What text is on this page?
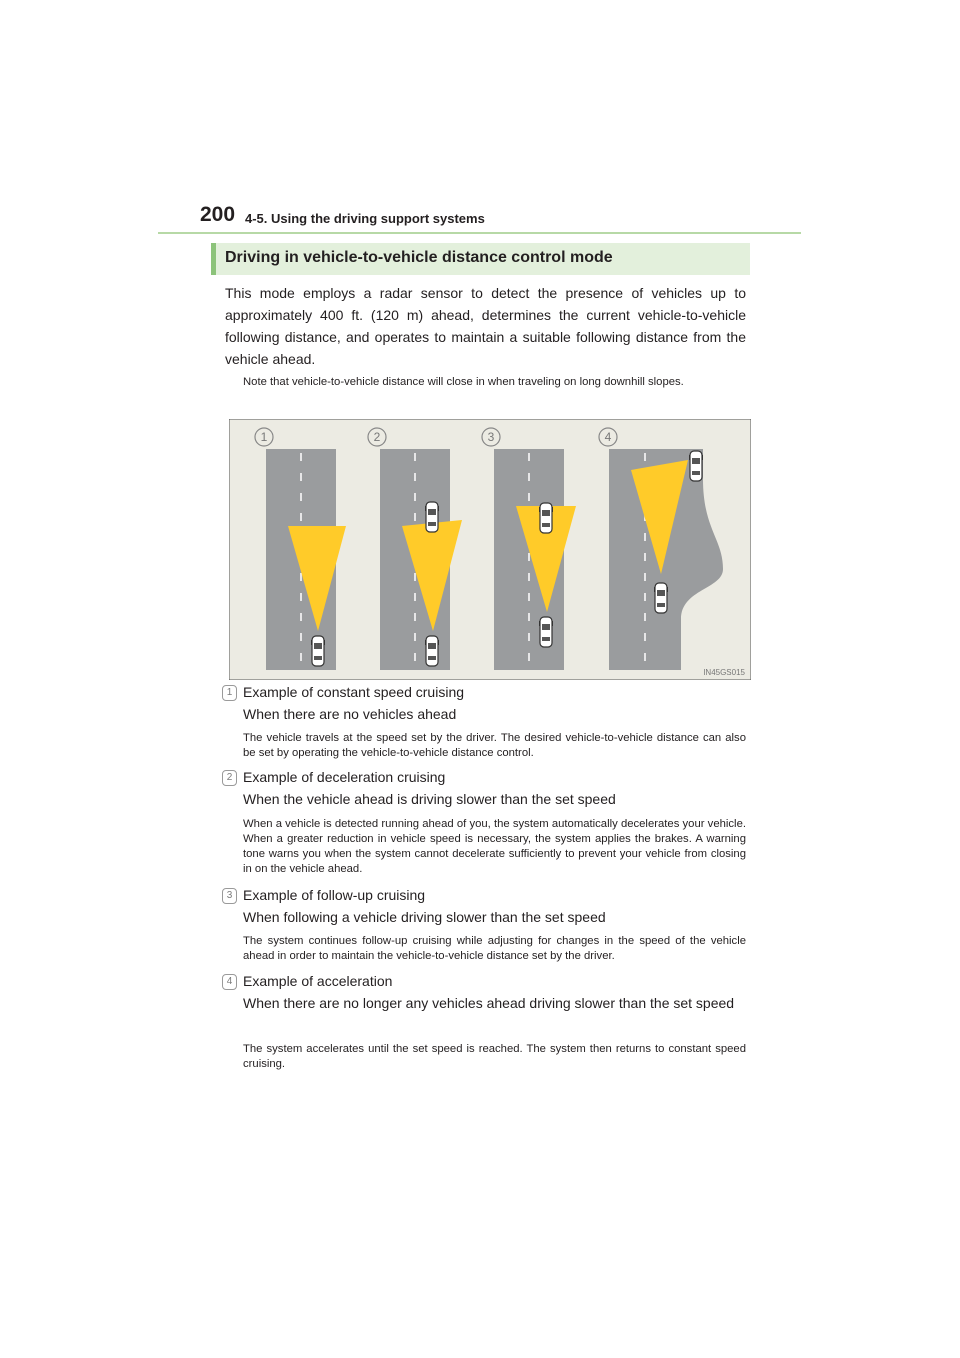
200 4-5. Using the driving support systems
Driving in vehicle-to-vehicle distance control mode

This mode employs a radar sensor to detect the presence of vehicles up to approximately 400 ft. (120 m) ahead, determines the current vehicle-to-vehicle following distance, and operates to maintain a suitable following distance from the vehicle ahead.

Note that vehicle-to-vehicle distance will close in when traveling on long downhill slopes.

1	2	3	4
IN45GS015
1 Example of constant speed cruising
When there are no vehicles ahead

The vehicle travels at the speed set by the driver. The desired vehicle-to-vehicle distance can also be set by operating the vehicle-to-vehicle distance control.

2 Example of deceleration cruising
When the vehicle ahead is driving slower than the set speed

When a vehicle is detected running ahead of you, the system automatically decelerates your vehicle. When a greater reduction in vehicle speed is necessary, the system applies the brakes. A warning tone warns you when the system cannot decelerate sufficiently to prevent your vehicle from closing in on the vehicle ahead.

3 Example of follow-up cruising
When following a vehicle driving slower than the set speed

The system continues follow-up cruising while adjusting for changes in the speed of the vehicle ahead in order to maintain the vehicle-to-vehicle distance set by the driver.

4 Example of acceleration
When there are no longer any vehicles ahead driving slower than the set speed

The system accelerates until the set speed is reached. The system then returns to constant speed cruising.
